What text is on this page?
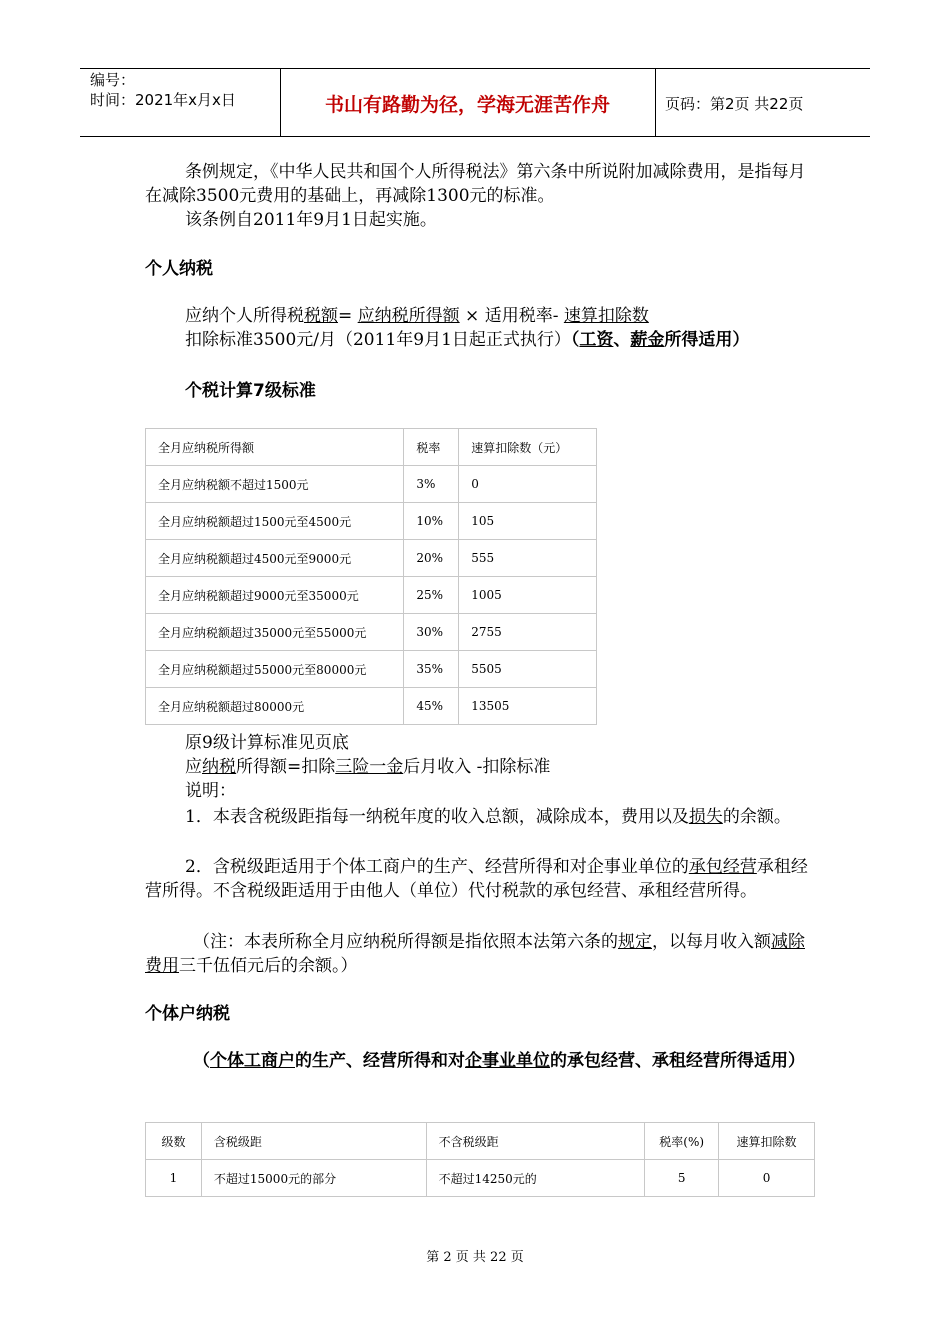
编号：
时间：2021年x月x日	书山有路勤为径，学海无涯苦作舟	页码：第2页 共22页
条例规定，《中华人民共和国个人所得税法》第六条中所说附加减除费用，是指每月在减除3500元费用的基础上，再减除1300元的标准。
该条例自2011年9月1日起实施。
个人纳税
应纳个人所得税税额= 应纳税所得额 × 适用税率- 速算扣除数
扣除标准3500元/月（2011年9月1日起正式执行）（工资、薪金所得适用）
个税计算7级标准
全月应纳税所得额	税率	速算扣除数（元）
全月应纳税额不超过1500元	3%	0
全月应纳税额超过1500元至4500元	10%	105
全月应纳税额超过4500元至9000元	20%	555
全月应纳税额超过9000元至35000元	25%	1005
全月应纳税额超过35000元至55000元	30%	2755
全月应纳税额超过55000元至80000元	35%	5505
全月应纳税额超过80000元	45%	13505
原9级计算标准见页底
应纳税所得额=扣除三险一金后月收入 -扣除标准
说明：
1．本表含税级距指每一纳税年度的收入总额，减除成本，费用以及损失的余额。
2．含税级距适用于个体工商户的生产、经营所得和对企事业单位的承包经营承租经营所得。不含税级距适用于由他人（单位）代付税款的承包经营、承租经营所得。
（注：本表所称全月应纳税所得额是指依照本法第六条的规定，以每月收入额减除费用三千伍佰元后的余额。）
个体户纳税
（个体工商户的生产、经营所得和对企事业单位的承包经营、承租经营所得适用）
级数	含税级距	不含税级距	税率(%)	速算扣除数
1	不超过15000元的部分	不超过14250元的	5	0
第 2 页 共 22 页
